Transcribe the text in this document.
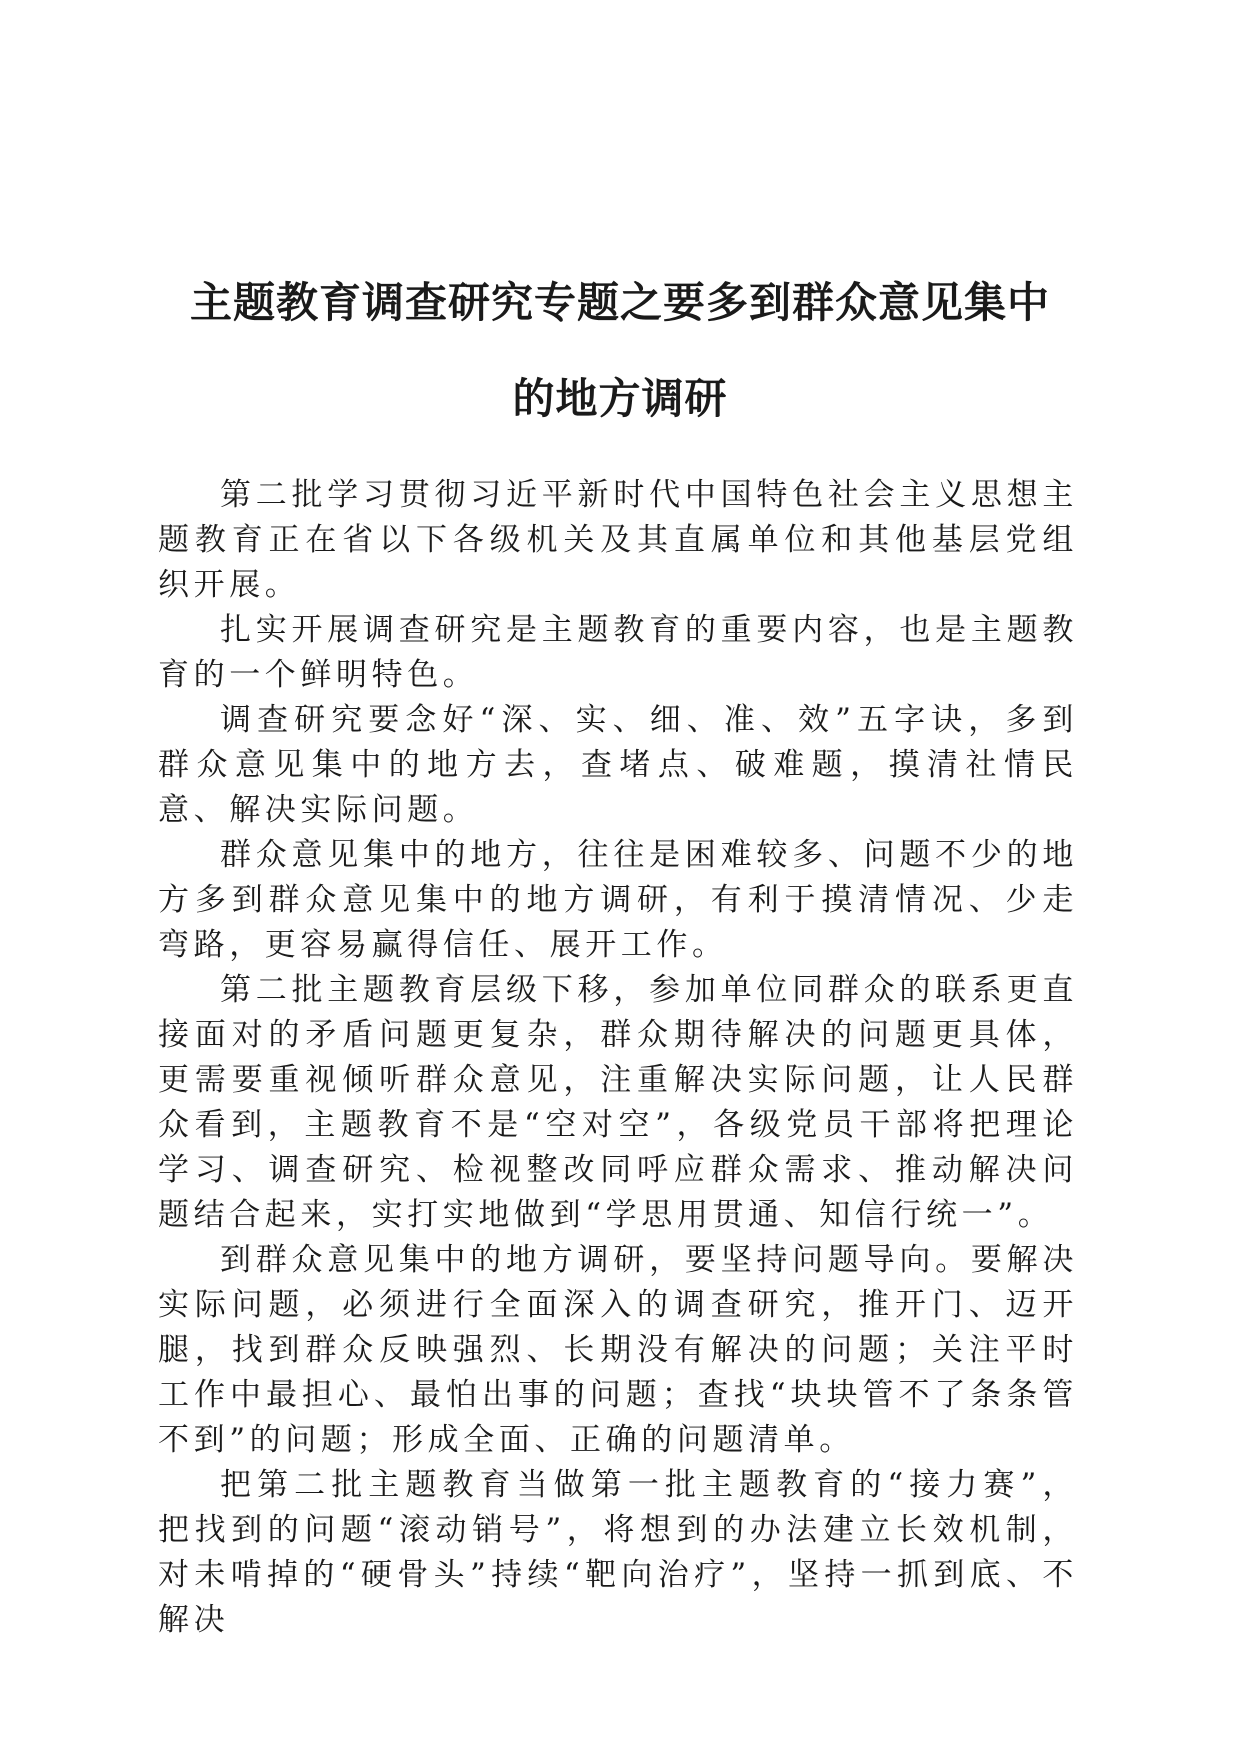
主题教育调查研究专题之要多到群众意见集中
的地方调研

第二批学习贯彻习近平新时代中国特色社会主义思想主题教育正在省以下各级机关及其直属单位和其他基层党组织开展。

扎实开展调查研究是主题教育的重要内容，也是主题教育的一个鲜明特色。

调查研究要念好“深、实、细、准、效”五字诀，多到群众意见集中的地方去，查堵点、破难题，摸清社情民意、解决实际问题。

群众意见集中的地方，往往是困难较多、问题不少的地方多到群众意见集中的地方调研，有利于摸清情况、少走弯路，更容易赢得信任、展开工作。

第二批主题教育层级下移，参加单位同群众的联系更直接面对的矛盾问题更复杂，群众期待解决的问题更具体，更需要重视倾听群众意见，注重解决实际问题，让人民群众看到，主题教育不是“空对空”，各级党员干部将把理论学习、调查研究、检视整改同呼应群众需求、推动解决问题结合起来，实打实地做到“学思用贯通、知信行统一”。

到群众意见集中的地方调研，要坚持问题导向。要解决实际问题，必须进行全面深入的调查研究，推开门、迈开腿，找到群众反映强烈、长期没有解决的问题；关注平时工作中最担心、最怕出事的问题；查找“块块管不了条条管不到”的问题；形成全面、正确的问题清单。

把第二批主题教育当做第一批主题教育的“接力赛”，把找到的问题“滚动销号”，将想到的办法建立长效机制，对未啃掉的“硬骨头”持续“靶向治疗”，坚持一抓到底、不解决
